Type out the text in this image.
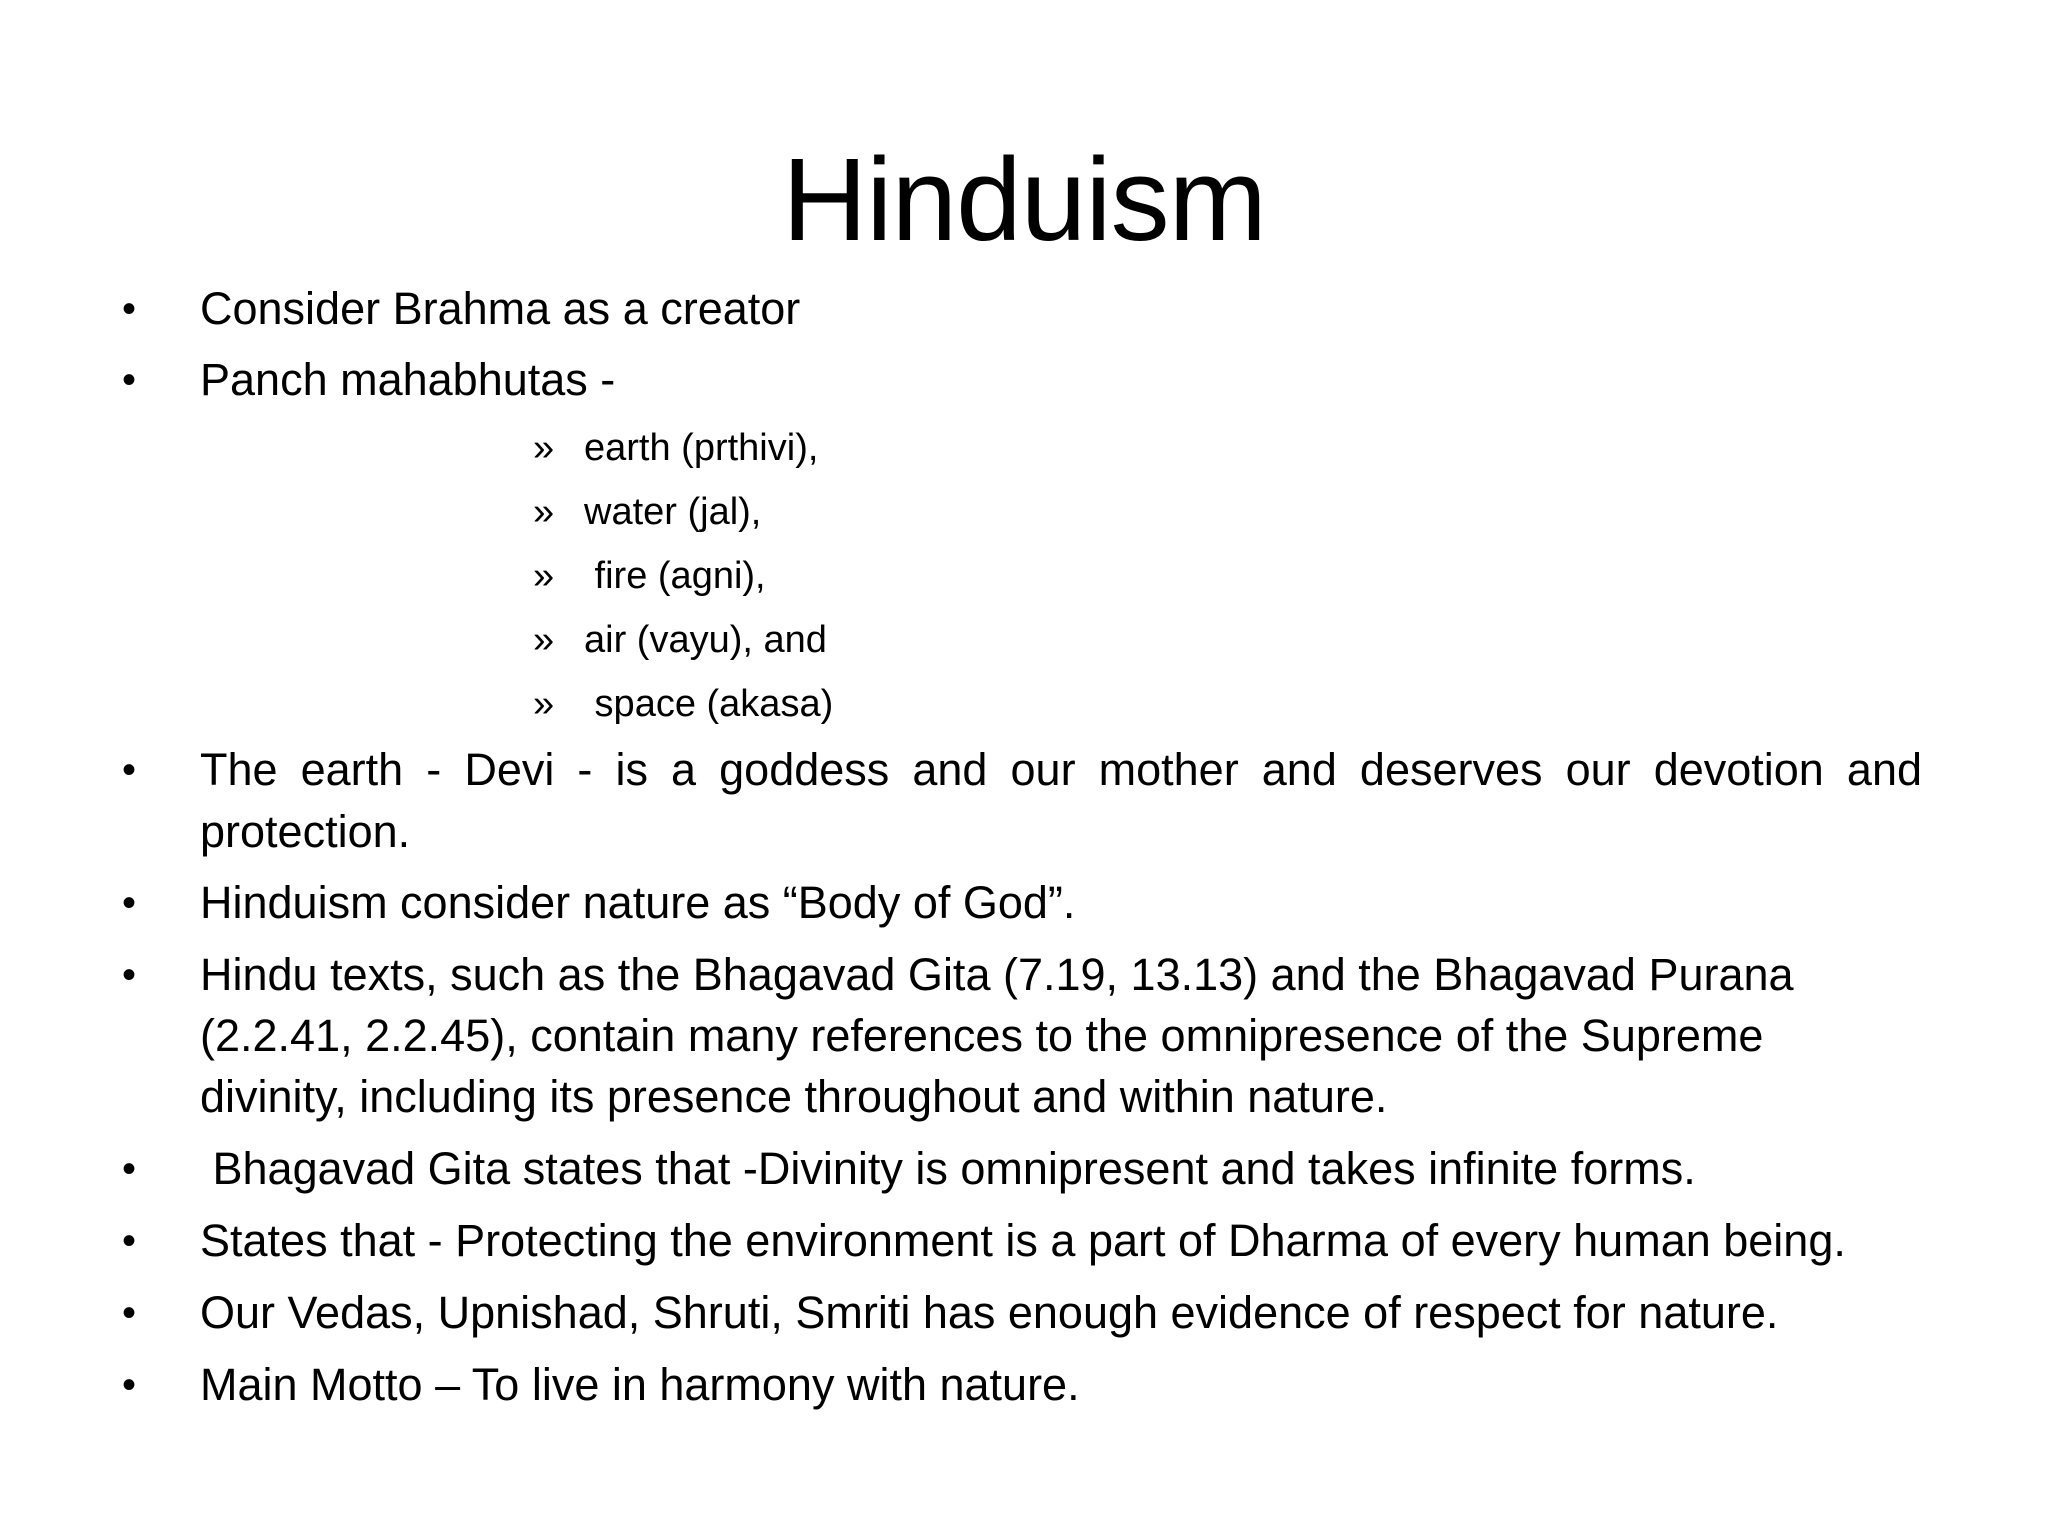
Hinduism
• Consider Brahma as a creator
• Panch mahabhutas -
» earth (prthivi),
» water (jal),
» fire (agni),
» air (vayu), and
» space (akasa)
• The earth - Devi - is a goddess and our mother and deserves our devotion and
protection.
• Hinduism consider nature as “Body of God”.
• Hindu texts, such as the Bhagavad Gita (7.19, 13.13) and the Bhagavad Purana
(2.2.41, 2.2.45), contain many references to the omnipresence of the Supreme
divinity, including its presence throughout and within nature.
• Bhagavad Gita states that -Divinity is omnipresent and takes infinite forms.
• States that - Protecting the environment is a part of Dharma of every human being.
• Our Vedas, Upnishad, Shruti, Smriti has enough evidence of respect for nature.
• Main Motto – To live in harmony with nature.
